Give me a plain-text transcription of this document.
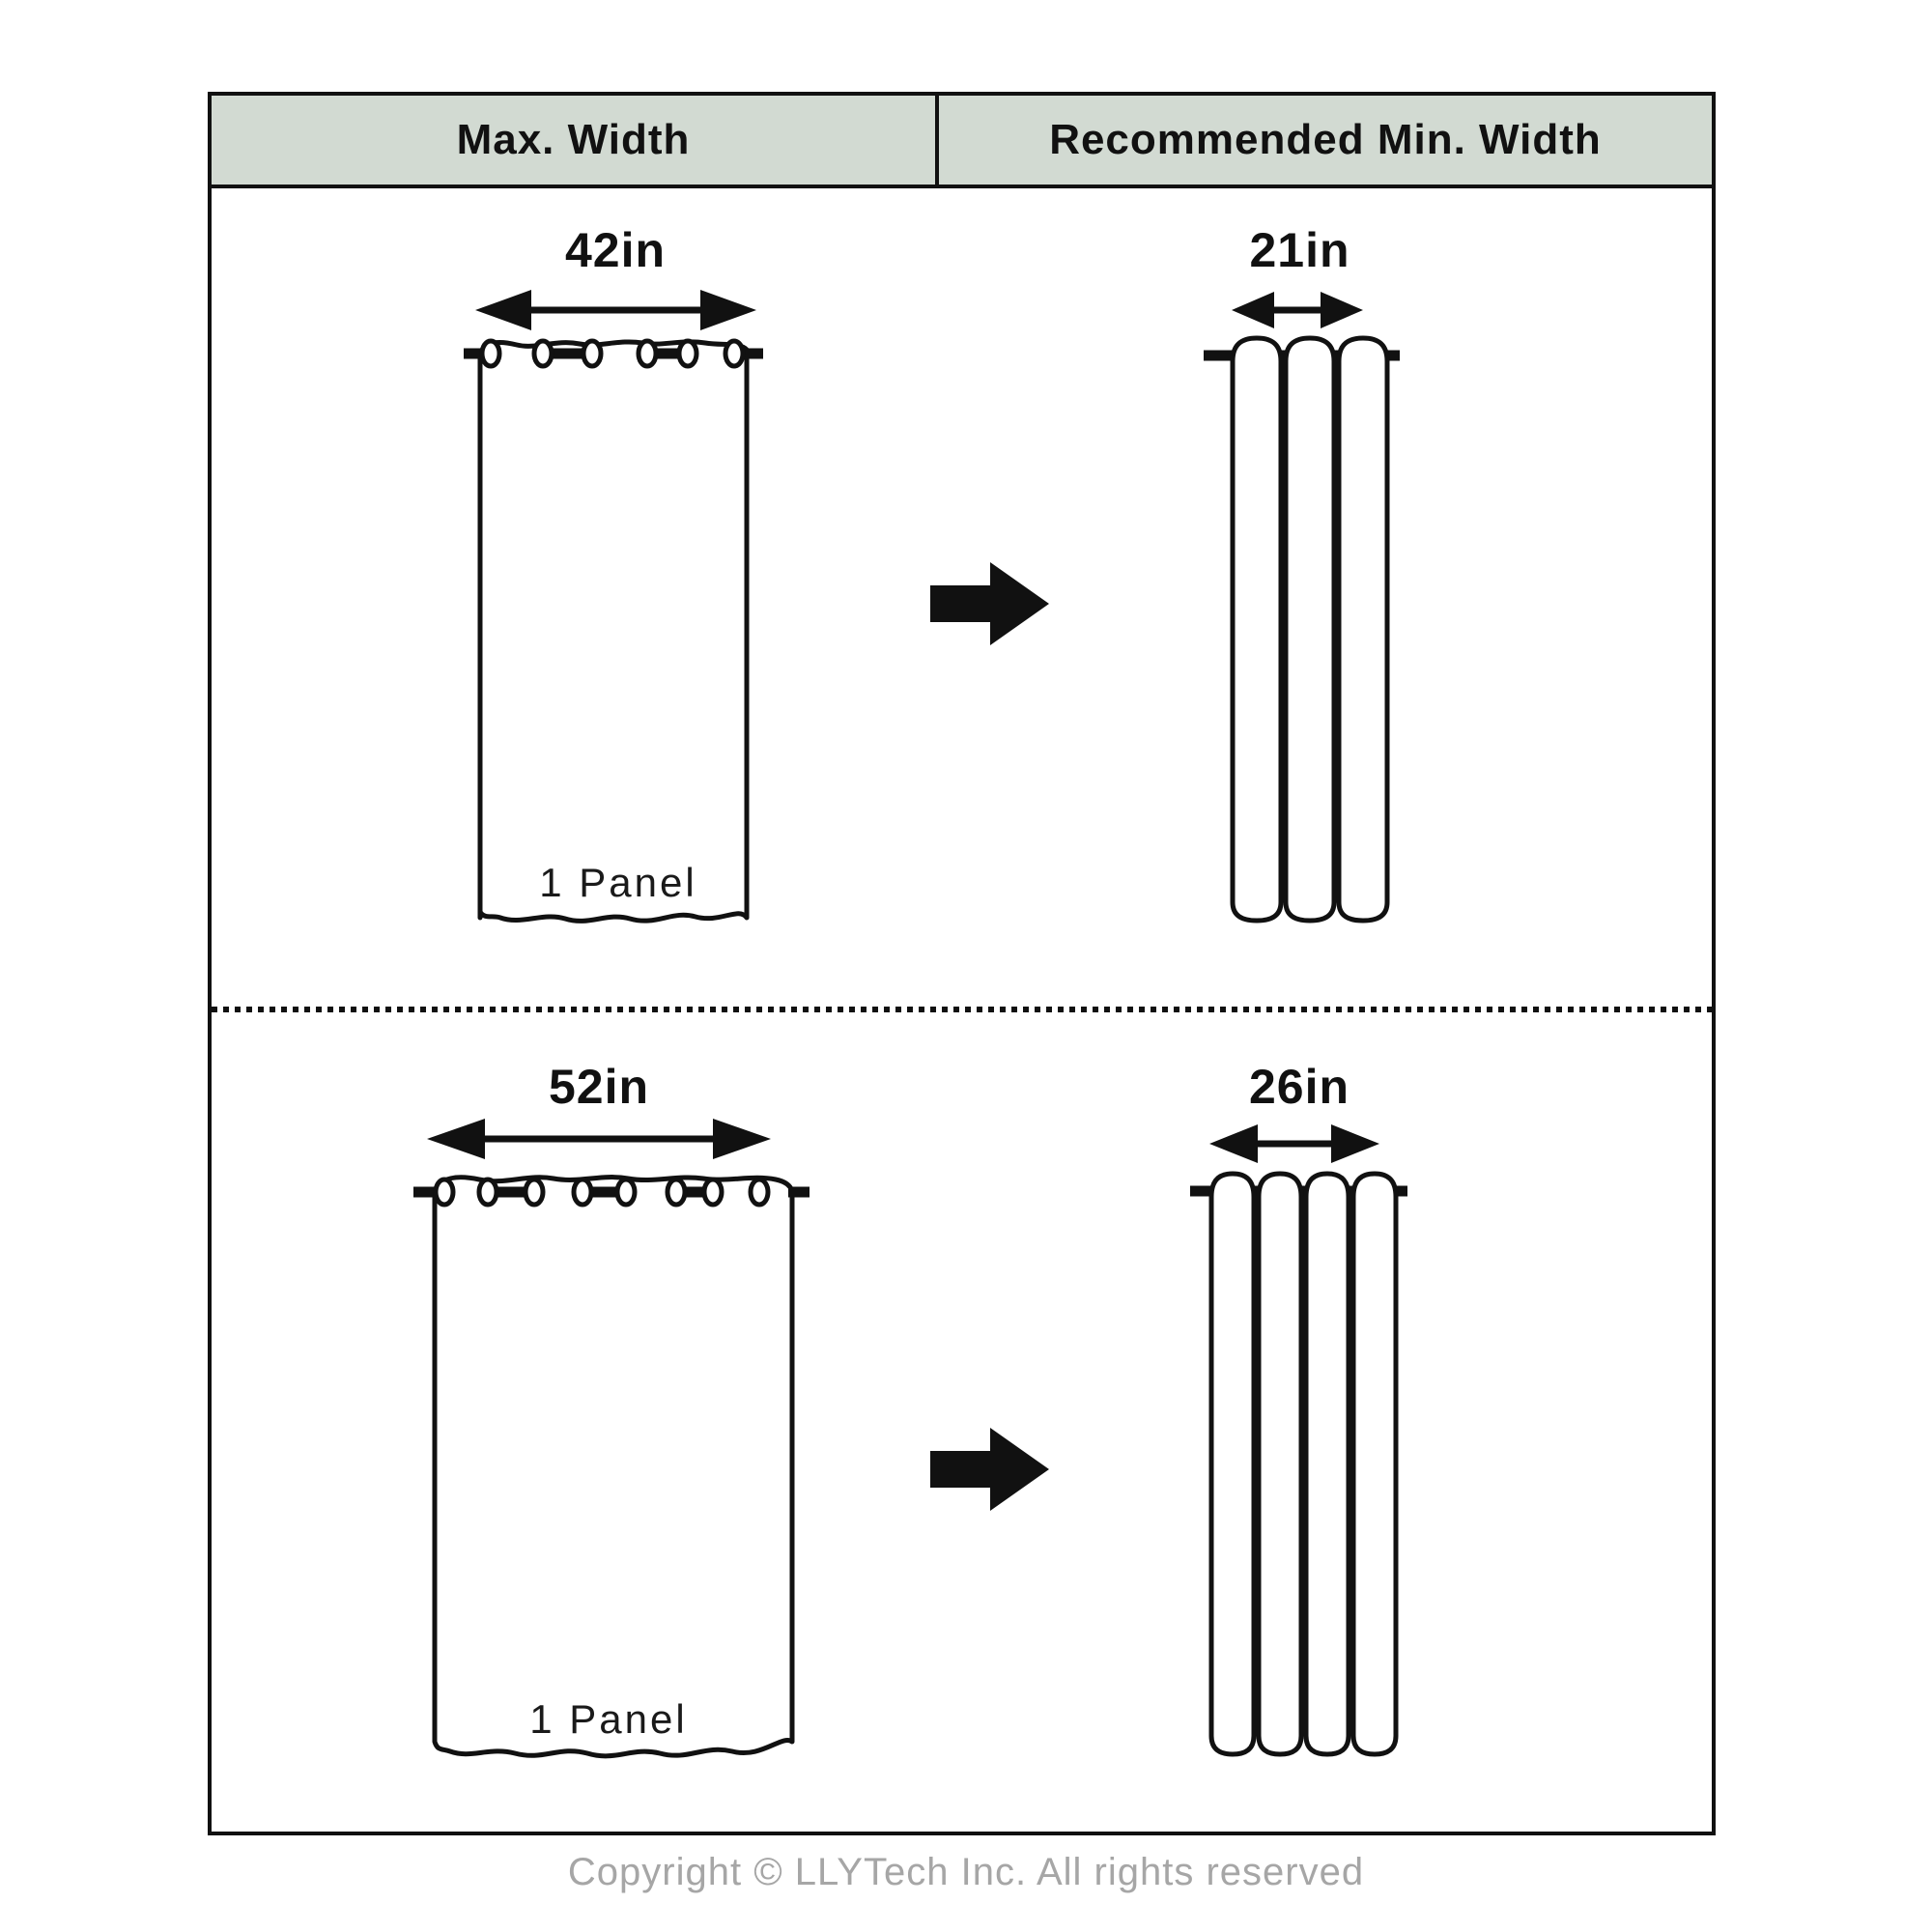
Max. Width	Recommended Min. Width
42in
1 Panel
21in
52in
1 Panel
26in
Copyright © LLYTech Inc. All rights reserved
